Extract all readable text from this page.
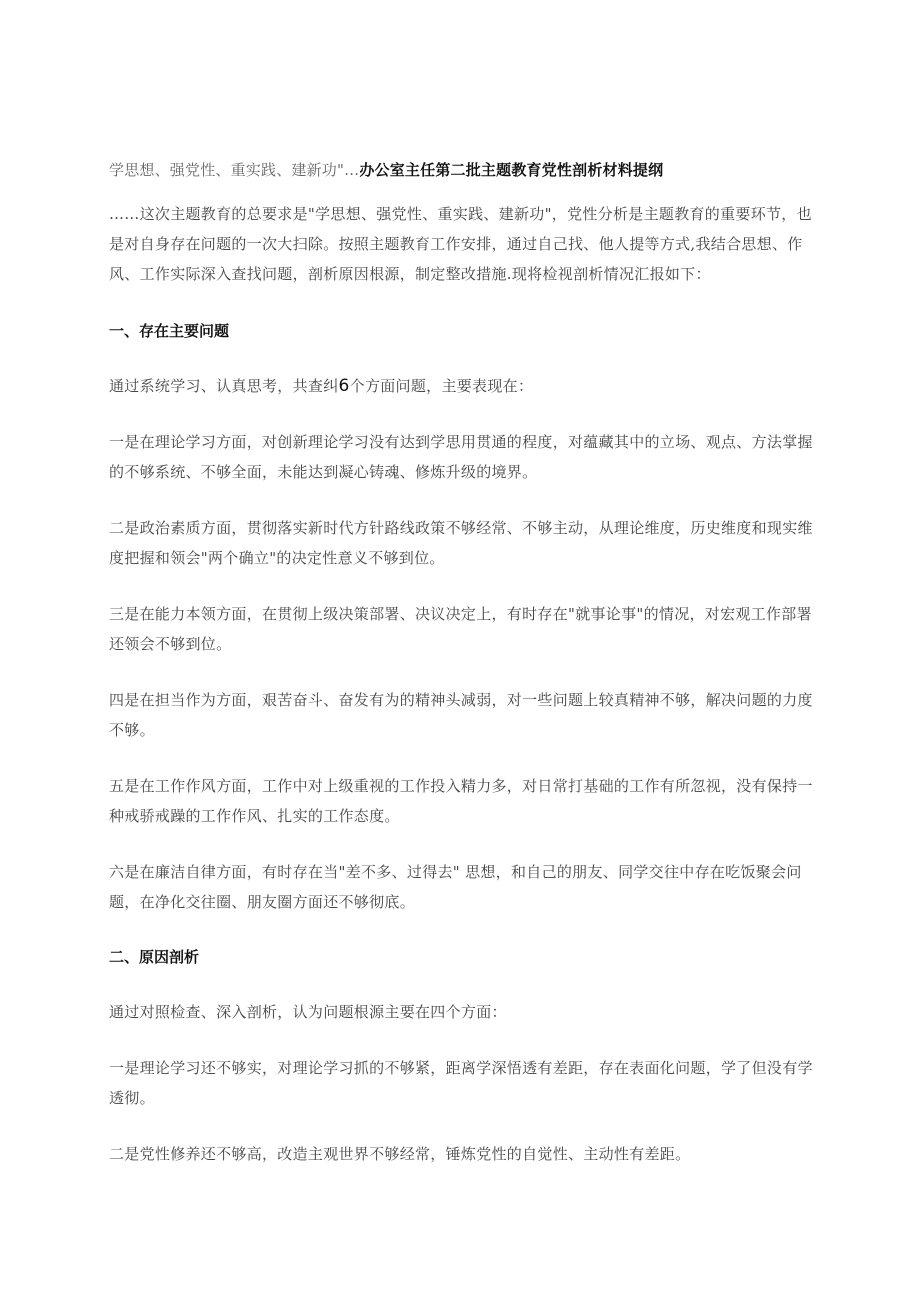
学思想、强党性、重实践、建新功"…办公室主任第二批主题教育党性剖析材料提纲

……这次主题教育的总要求是"学思想、强党性、重实践、建新功"，党性分析是主题教育的重要环节，也是对自身存在问题的一次大扫除。按照主题教育工作安排，通过自己找、他人提等方式,我结合思想、作风、工作实际深入查找问题，剖析原因根源，制定整改措施.现将检视剖析情况汇报如下：

一、存在主要问题

通过系统学习、认真思考，共查纠6个方面问题，主要表现在：

一是在理论学习方面，对创新理论学习没有达到学思用贯通的程度，对蕴藏其中的立场、观点、方法掌握的不够系统、不够全面，未能达到凝心铸魂、修炼升级的境界。

二是政治素质方面，贯彻落实新时代方针路线政策不够经常、不够主动，从理论维度，历史维度和现实维度把握和领会"两个确立"的决定性意义不够到位。

三是在能力本领方面，在贯彻上级决策部署、决议决定上，有时存在"就事论事"的情况，对宏观工作部署还领会不够到位。

四是在担当作为方面，艰苦奋斗、奋发有为的精神头减弱，对一些问题上较真精神不够，解决问题的力度不够。

五是在工作作风方面，工作中对上级重视的工作投入精力多，对日常打基础的工作有所忽视，没有保持一种戒骄戒躁的工作作风、扎实的工作态度。

六是在廉洁自律方面，有时存在当"差不多、过得去" 思想，和自己的朋友、同学交往中存在吃饭聚会问题，在净化交往圈、朋友圈方面还不够彻底。

二、原因剖析

通过对照检查、深入剖析，认为问题根源主要在四个方面：

一是理论学习还不够实，对理论学习抓的不够紧，距离学深悟透有差距，存在表面化问题，学了但没有学透彻。

二是党性修养还不够高，改造主观世界不够经常，锤炼党性的自觉性、主动性有差距。
